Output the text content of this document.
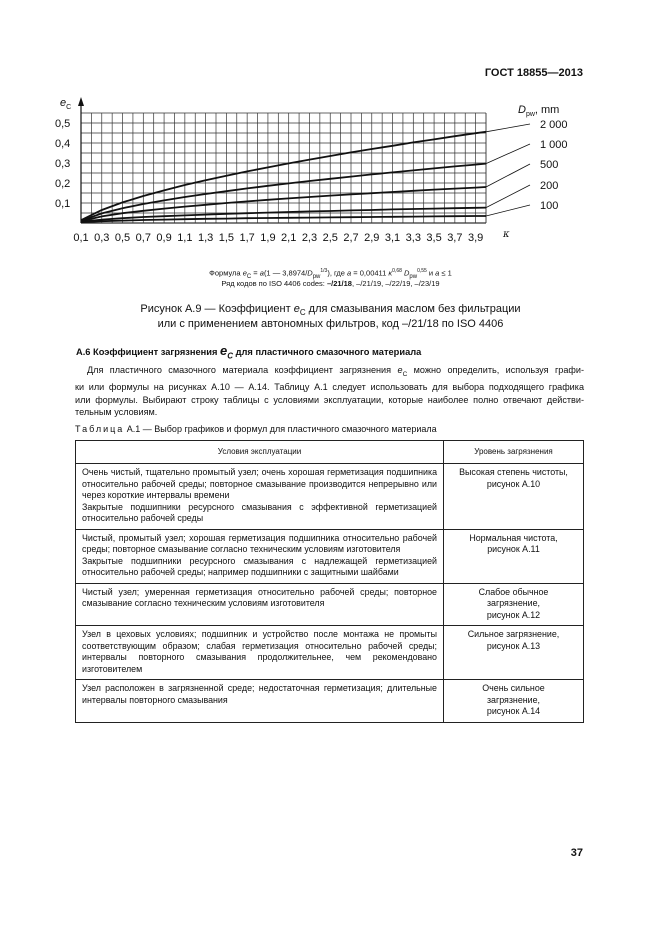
ГОСТ 18855—2013
2 000
1 000
500
200
100
$D_{pw}$, mm
0,5
0,4
0,3
0,2
0,1
$e_C$
0,1 0,3 0,5 0,7 0,9 1,1 1,3 1,5 1,7 1,9 2,1 2,3 2,5 2,7 2,9 3,1 3,3 3,5 3,7 3,9 κ
Формула $e_C = a(1$ — $3,8974/D_{pw}^{1/3}$), где a = 0,00411 $\kappa^{0,68}$ $D_{pw}^{0,55}$ и a ≤ 1
Ряд кодов по ISO 4406 codes: –/21/18, –/21/19, –/22/19, –/23/19
Рисунок А.9 — Коэффициент $e_C$ для смазывания маслом без фильтрации
или с применением автономных фильтров, код –/21/18 по ISO 4406
А.6 Коэффициент загрязнения $e_C$ для пластичного смазочного материала
Для пластичного смазочного материала коэффициент загрязнения $e_C$ можно определить, используя графи-
ки или формулы на рисунках А.10 — А.14. Таблицу А.1 следует использовать для выбора подходящего графика
или формулы. Выбирают строку таблицы с условиями эксплуатации, которые наиболее полно отвечают действи-
тельным условиям.
Таблица А.1 — Выбор графиков и формул для пластичного смазочного материала
Условия эксплуатации	Уровень загрязнения
Очень чистый, тщательно промытый узел; очень хорошая герметизация подшипника относительно рабочей среды; повторное смазывание производится непрерывно или через короткие интервалы времени
Закрытые подшипники ресурсного смазывания с эффективной герметизацией относительно рабочей среды	Высокая степень чистоты,
рисунок А.10
Чистый, промытый узел; хорошая герметизация подшипника относительно рабочей среды; повторное смазывание согласно техническим условиям изготовителя
Закрытые подшипники ресурсного смазывания с надлежащей герметизацией относительно рабочей среды; например подшипники с защитными шайбами	Нормальная чистота,
рисунок А.11
Чистый узел; умеренная герметизация относительно рабочей среды; повторное смазывание согласно техническим условиям изготовителя	Слабое обычное
загрязнение,
рисунок А.12
Узел в цеховых условиях; подшипник и устройство после монтажа не промыты соответствующим образом; слабая герметизация относительно рабочей среды; интервалы повторного смазывания продолжительнее, чем рекомендовано изготовителем	Сильное загрязнение,
рисунок А.13
Узел расположен в загрязненной среде; недостаточная герметизация; длительные интервалы повторного смазывания	Очень сильное
загрязнение,
рисунок А.14
37
